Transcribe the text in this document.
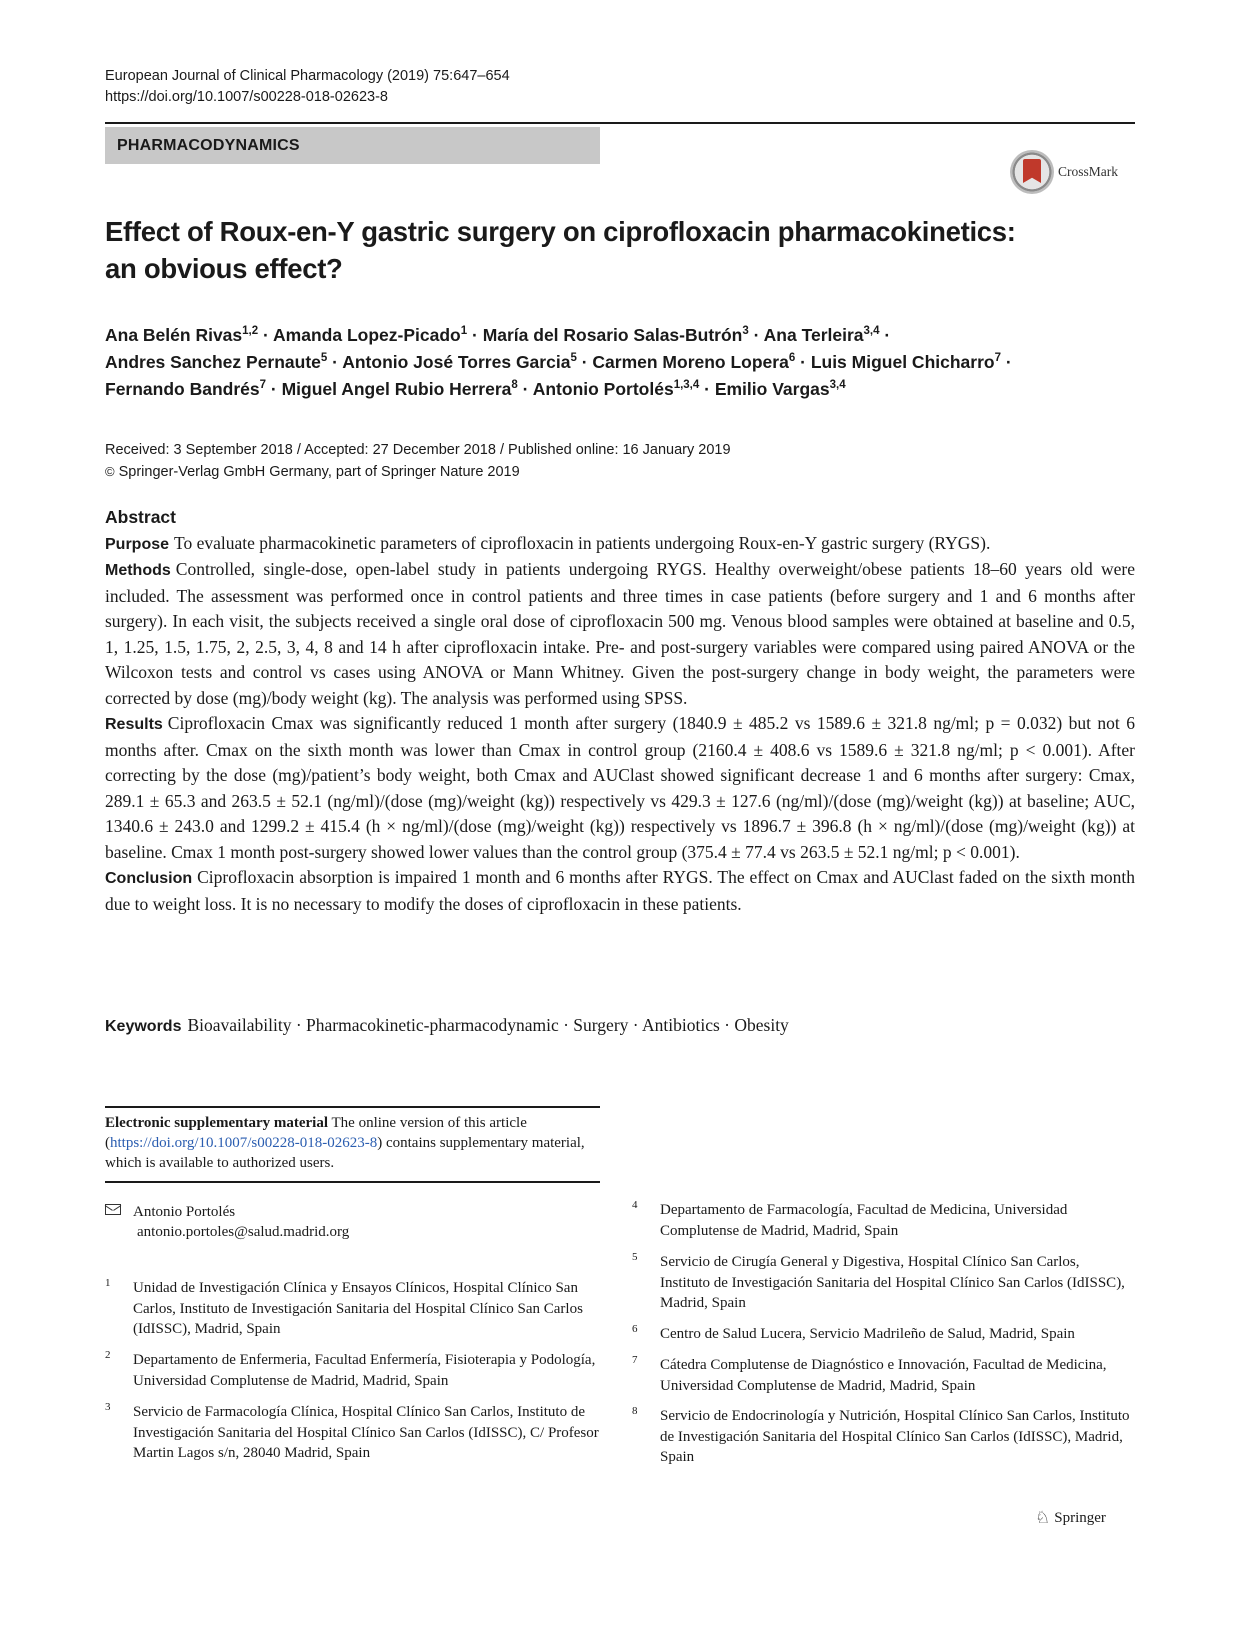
European Journal of Clinical Pharmacology (2019) 75:647–654
https://doi.org/10.1007/s00228-018-02623-8
PHARMACODYNAMICS
CrossMark
Effect of Roux-en-Y gastric surgery on ciprofloxacin pharmacokinetics:
an obvious effect?
Ana Belén Rivas$^{1,2}$ · Amanda Lopez-Picado$^1$ · María del Rosario Salas-Butrón$^3$ · Ana Terleira$^{3,4}$ ·
Andres Sanchez Pernaute$^5$ · Antonio José Torres Garcia$^5$ · Carmen Moreno Lopera$^6$ · Luis Miguel Chicharro$^7$ ·
Fernando Bandrés$^7$ · Miguel Angel Rubio Herrera$^8$ · Antonio Portolés$^{1,3,4}$ · Emilio Vargas$^{3,4}$
Received: 3 September 2018 / Accepted: 27 December 2018 / Published online: 16 January 2019
© Springer-Verlag GmbH Germany, part of Springer Nature 2019
Abstract

Purpose To evaluate pharmacokinetic parameters of ciprofloxacin in patients undergoing Roux-en-Y gastric surgery (RYGS).

Methods Controlled, single-dose, open-label study in patients undergoing RYGS. Healthy overweight/obese patients 18–60 years old were included. The assessment was performed once in control patients and three times in case patients (before surgery and 1 and 6 months after surgery). In each visit, the subjects received a single oral dose of ciprofloxacin 500 mg. Venous blood samples were obtained at baseline and 0.5, 1, 1.25, 1.5, 1.75, 2, 2.5, 3, 4, 8 and 14 h after ciprofloxacin intake. Pre- and post-surgery variables were compared using paired ANOVA or the Wilcoxon tests and control vs cases using ANOVA or Mann Whitney. Given the post-surgery change in body weight, the parameters were corrected by dose (mg)/body weight (kg). The analysis was performed using SPSS.

Results Ciprofloxacin Cmax was significantly reduced 1 month after surgery (1840.9 ± 485.2 vs 1589.6 ± 321.8 ng/ml; p = 0.032) but not 6 months after. Cmax on the sixth month was lower than Cmax in control group (2160.4 ± 408.6 vs 1589.6 ± 321.8 ng/ml; p < 0.001). After correcting by the dose (mg)/patient’s body weight, both Cmax and AUClast showed significant decrease 1 and 6 months after surgery: Cmax, 289.1 ± 65.3 and 263.5 ± 52.1 (ng/ml)/(dose (mg)/weight (kg)) respectively vs 429.3 ± 127.6 (ng/ml)/(dose (mg)/weight (kg)) at baseline; AUC, 1340.6 ± 243.0 and 1299.2 ± 415.4 (h × ng/ml)/(dose (mg)/weight (kg)) respectively vs 1896.7 ± 396.8 (h × ng/ml)/(dose (mg)/weight (kg)) at baseline. Cmax 1 month post-surgery showed lower values than the control group (375.4 ± 77.4 vs 263.5 ± 52.1 ng/ml; p < 0.001).

Conclusion Ciprofloxacin absorption is impaired 1 month and 6 months after RYGS. The effect on Cmax and AUClast faded on the sixth month due to weight loss. It is no necessary to modify the doses of ciprofloxacin in these patients.

Keywords Bioavailability · Pharmacokinetic-pharmacodynamic · Surgery · Antibiotics · Obesity
Electronic supplementary material The online version of this article (https://doi.org/10.1007/s00228-018-02623-8) contains supplementary material, which is available to authorized users.
Antonio Portolés
antonio.portoles@salud.madrid.org
1 Unidad de Investigación Clínica y Ensayos Clínicos, Hospital Clínico San Carlos, Instituto de Investigación Sanitaria del Hospital Clínico San Carlos (IdISSC), Madrid, Spain
2 Departamento de Enfermeria, Facultad Enfermería, Fisioterapia y Podología, Universidad Complutense de Madrid, Madrid, Spain
3 Servicio de Farmacología Clínica, Hospital Clínico San Carlos, Instituto de Investigación Sanitaria del Hospital Clínico San Carlos (IdISSC), C/ Profesor Martin Lagos s/n, 28040 Madrid, Spain
4 Departamento de Farmacología, Facultad de Medicina, Universidad Complutense de Madrid, Madrid, Spain
5 Servicio de Cirugía General y Digestiva, Hospital Clínico San Carlos, Instituto de Investigación Sanitaria del Hospital Clínico San Carlos (IdISSC), Madrid, Spain
6 Centro de Salud Lucera, Servicio Madrileño de Salud, Madrid, Spain
7 Cátedra Complutense de Diagnóstico e Innovación, Facultad de Medicina, Universidad Complutense de Madrid, Madrid, Spain
8 Servicio de Endocrinología y Nutrición, Hospital Clínico San Carlos, Instituto de Investigación Sanitaria del Hospital Clínico San Carlos (IdISSC), Madrid, Spain
♘ Springer
